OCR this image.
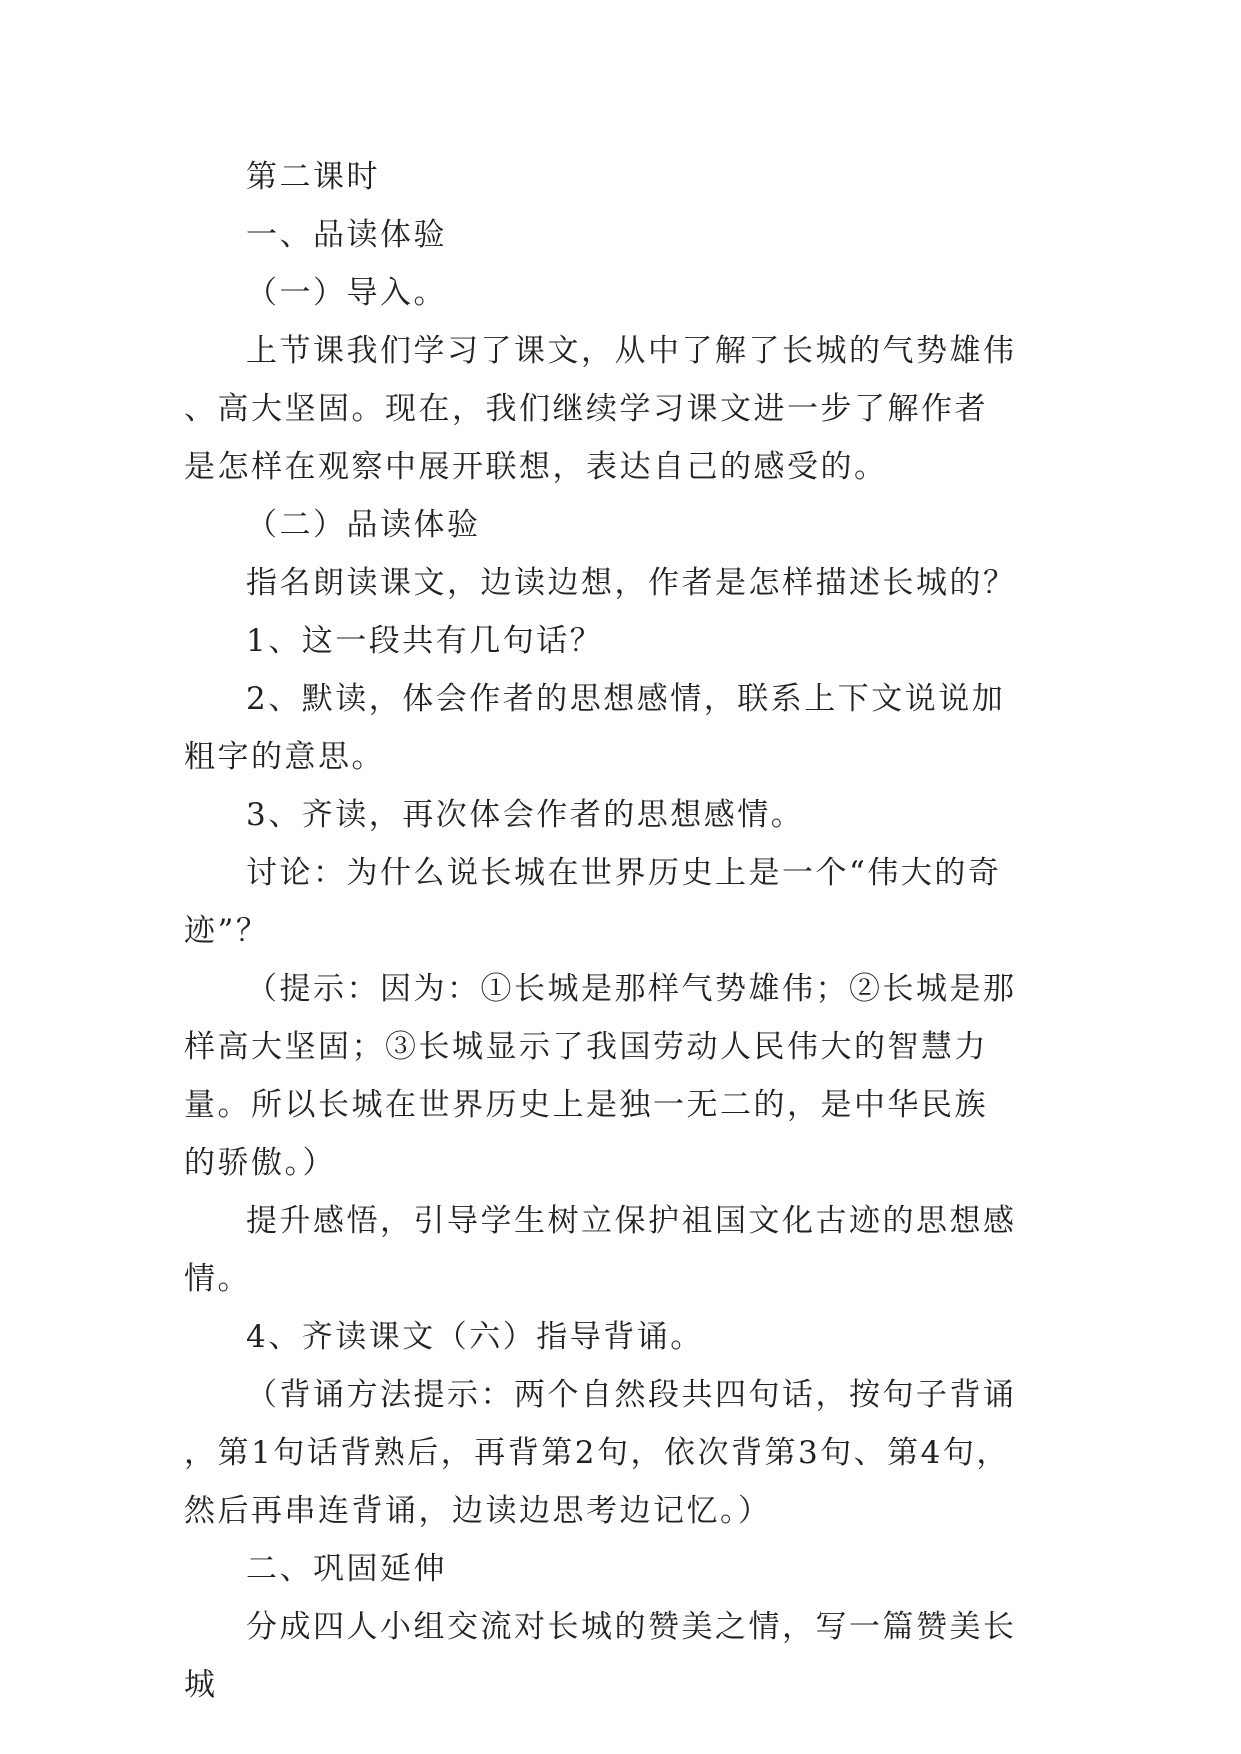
第二课时

一、品读体验

（一）导入。

上节课我们学习了课文，从中了解了长城的气势雄伟、高大坚固。现在，我们继续学习课文进一步了解作者是怎样在观察中展开联想，表达自己的感受的。

（二）品读体验

指名朗读课文，边读边想，作者是怎样描述长城的？

1、这一段共有几句话？

2、默读，体会作者的思想感情，联系上下文说说加粗字的意思。

3、齐读，再次体会作者的思想感情。

讨论：为什么说长城在世界历史上是一个“伟大的奇迹”？

（提示：因为：①长城是那样气势雄伟；②长城是那样高大坚固；③长城显示了我国劳动人民伟大的智慧力量。所以长城在世界历史上是独一无二的，是中华民族的骄傲。）

提升感悟，引导学生树立保护祖国文化古迹的思想感情。

4、齐读课文（六）指导背诵。

（背诵方法提示：两个自然段共四句话，按句子背诵，第1句话背熟后，再背第2句，依次背第3句、第4句，然后再串连背诵，边读边思考边记忆。）

二、巩固延伸

分成四人小组交流对长城的赞美之情，写一篇赞美长城
